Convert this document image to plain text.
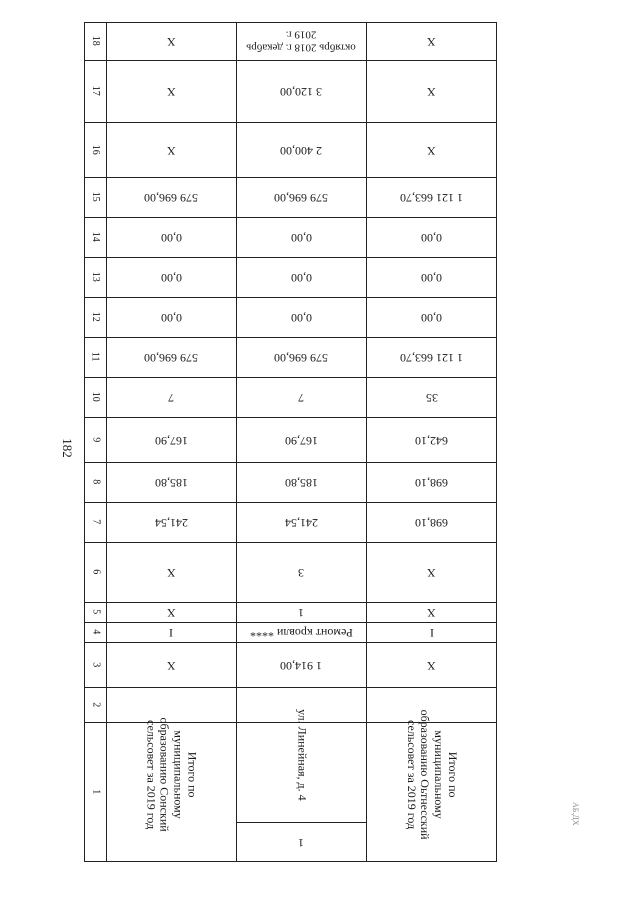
182
АБ.ДХ
18
17
16
15
14
13
12
11
10
9
8
7
6
5
4
3
2
1
Х
Х
Х
579 696,00
0,00
0,00
0,00
579 696,00
7
167,90
185,80
241,54
Х
Х
I
Х
Итого по муниципальному образованию Сонский сельсовет за 2019 год
октябрь 2018 г. декабрь 2019 г.
3 120,00
2 400,00
579 696,00
0,00
0,00
0,00
579 696,00
7
167,90
185,80
241,54
3
1
Ремонт кровли ****
1 914,00
ул. Линейная, д. 4
1
Х
Х
Х
1 121 663,70
0,00
0,00
0,00
1 121 663,70
35
642,10
698,10
698,10
Х
Х
I
Х
Итого по муниципальному образованию Оьтнесский сельсовет за 2019 год
